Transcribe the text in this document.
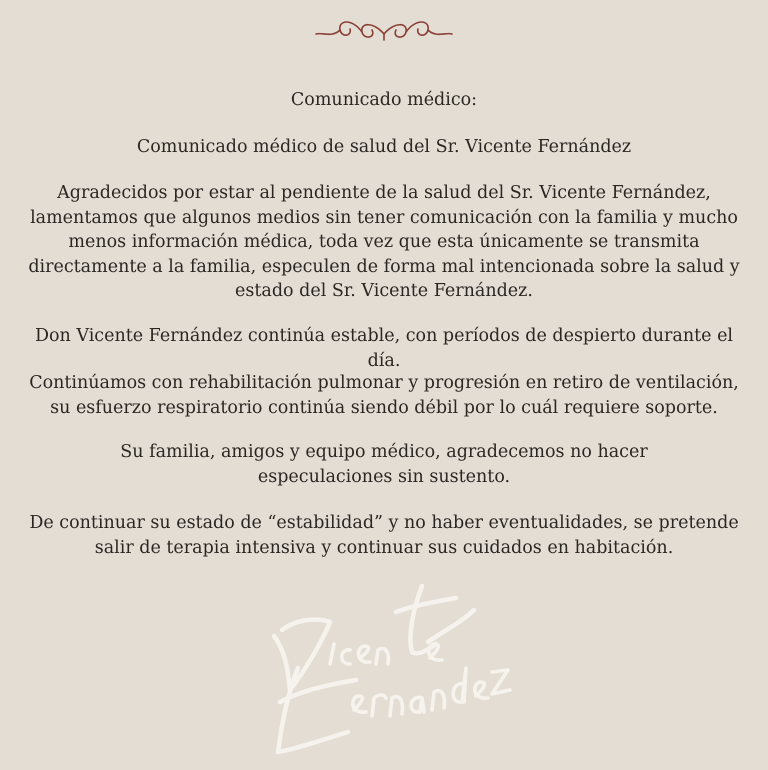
Comunicado médico:

Comunicado médico de salud del Sr. Vicente Fernández

Agradecidos por estar al pendiente de la salud del Sr. Vicente Fernández, lamentamos que algunos medios sin tener comunicación con la familia y mucho menos información médica, toda vez que esta únicamente se transmita directamente a la familia, especulen de forma mal intencionada sobre la salud y estado del Sr. Vicente Fernández.

Don Vicente Fernández continúa estable, con períodos de despierto durante el día.

Continúamos con rehabilitación pulmonar y progresión en retiro de ventilación, su esfuerzo respiratorio continúa siendo débil por lo cuál requiere soporte.

Su familia, amigos y equipo médico, agradecemos no hacer especulaciones sin sustento.

De continuar su estado de “estabilidad” y no haber eventualidades, se pretende salir de terapia intensiva y continuar sus cuidados en habitación.
